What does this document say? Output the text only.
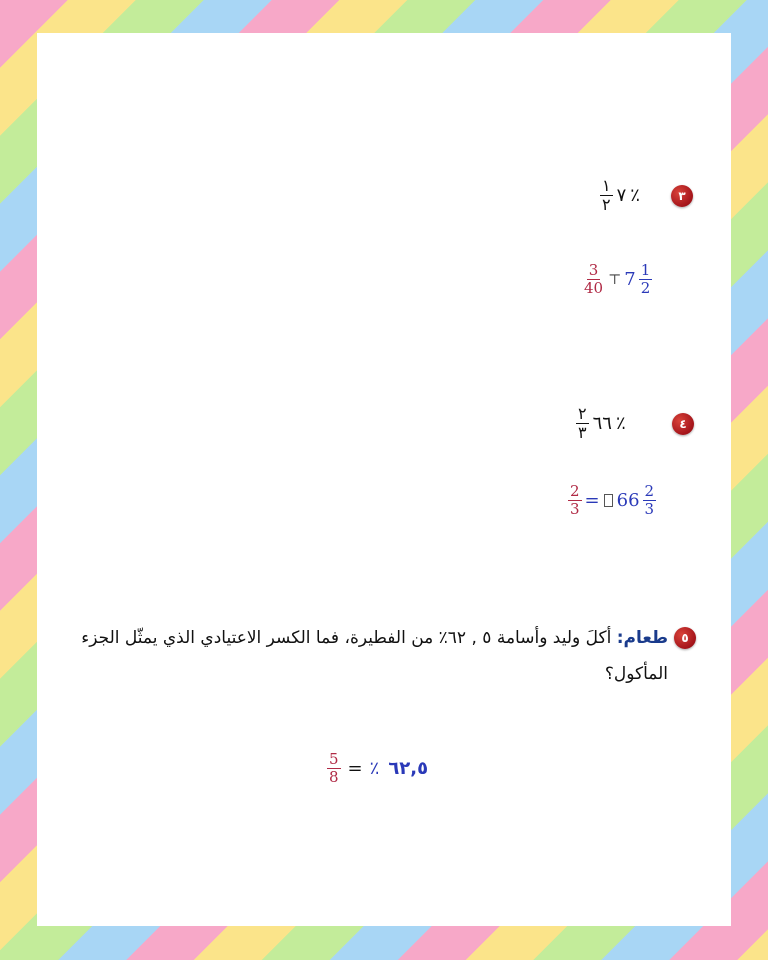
٣
$\frac{١}{٢}$ ٧ ٪
$\frac{3}{40}$ ⊤ $7 \frac{1}{2}$
٤
$\frac{٢}{٣}$ ٦٦ ٪
$\frac{2}{3} = 66 \frac{2}{3}$
٥
طعام: أكلَ وليد وأسامة ٥ , ٦٢٪ من الفطيرة، فما الكسر الاعتيادي الذي يمثّل الجزء المأكول؟
$\frac{5}{8}$ = ٪ ٦٢,٥
